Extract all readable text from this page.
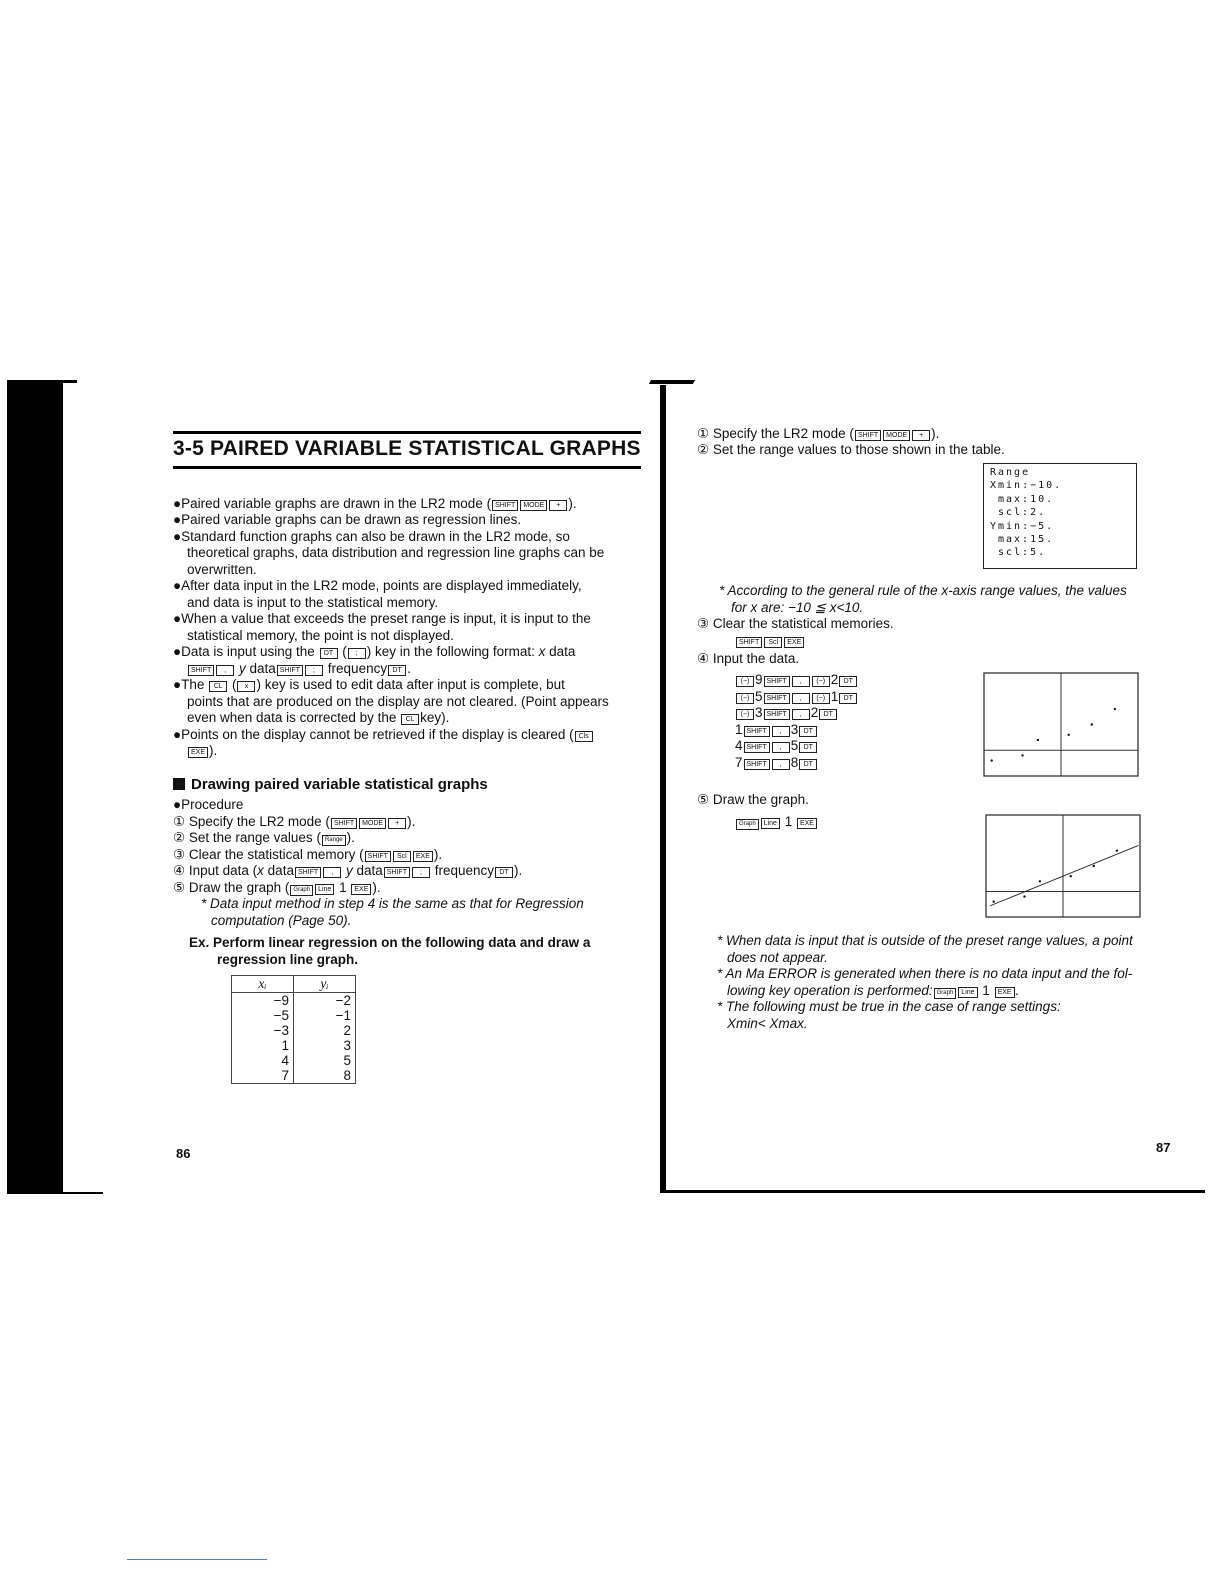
3-5 PAIRED VARIABLE STATISTICAL GRAPHS
●Paired variable graphs are drawn in the LR2 mode ( SHIFT MODE + ).
●Paired variable graphs can be drawn as regression lines.
●Standard function graphs can also be drawn in the LR2 mode, so
theoretical graphs, data distribution and regression line graphs can be
overwritten.
●After data input in the LR2 mode, points are displayed immediately,
and data is input to the statistical memory.
●When a value that exceeds the preset range is input, it is input to the
statistical memory, the point is not displayed.
●Data is input using the DT ( ; ) key in the following format: x data
SHIFT , y data SHIFT ; frequency DT .
●The CL ( x ) key is used to edit data after input is complete, but
points that are produced on the display are not cleared. (Point appears
even when data is corrected by the CL key).
●Points on the display cannot be retrieved if the display is cleared ( Cls
EXE ).
Drawing paired variable statistical graphs
●Procedure
① Specify the LR2 mode ( SHIFT MODE + ).
② Set the range values ( Range ).
③ Clear the statistical memory ( SHIFT Scl EXE ).
④ Input data (x data SHIFT , y data SHIFT ; frequency DT ).
⑤ Draw the graph ( Graph Line 1 EXE ).
* Data input method in step 4 is the same as that for Regression
computation (Page 50).
Ex. Perform linear regression on the following data and draw a
regression line graph.
xᵢ	yᵢ
−9	−2
−5	−1
−3	2
1	3
4	5
7	8
86
① Specify the LR2 mode ( SHIFT MODE + ).
② Set the range values to those shown in the table.
Range
Xmin:−10.
max:10.
scl:2.
Ymin:−5.
max:15.
scl:5.
* According to the general rule of the x-axis range values, the values
for x are: −10 ≦ x<10.
③ Clear the statistical memories.
SHIFT Scl EXE
④ Input the data.
(−) 9 SHIFT , (−) 2 DT
(−) 5 SHIFT , (−) 1 DT
(−) 3 SHIFT , 2 DT
1 SHIFT , 3 DT
4 SHIFT , 5 DT
7 SHIFT , 8 DT
⑤ Draw the graph.
Graph Line 1 EXE
* When data is input that is outside of the preset range values, a point
does not appear.
* An Ma ERROR is generated when there is no data input and the fol-
lowing key operation is performed: Graph Line 1 EXE .
* The following must be true in the case of range settings:
Xmin< Xmax.
87
